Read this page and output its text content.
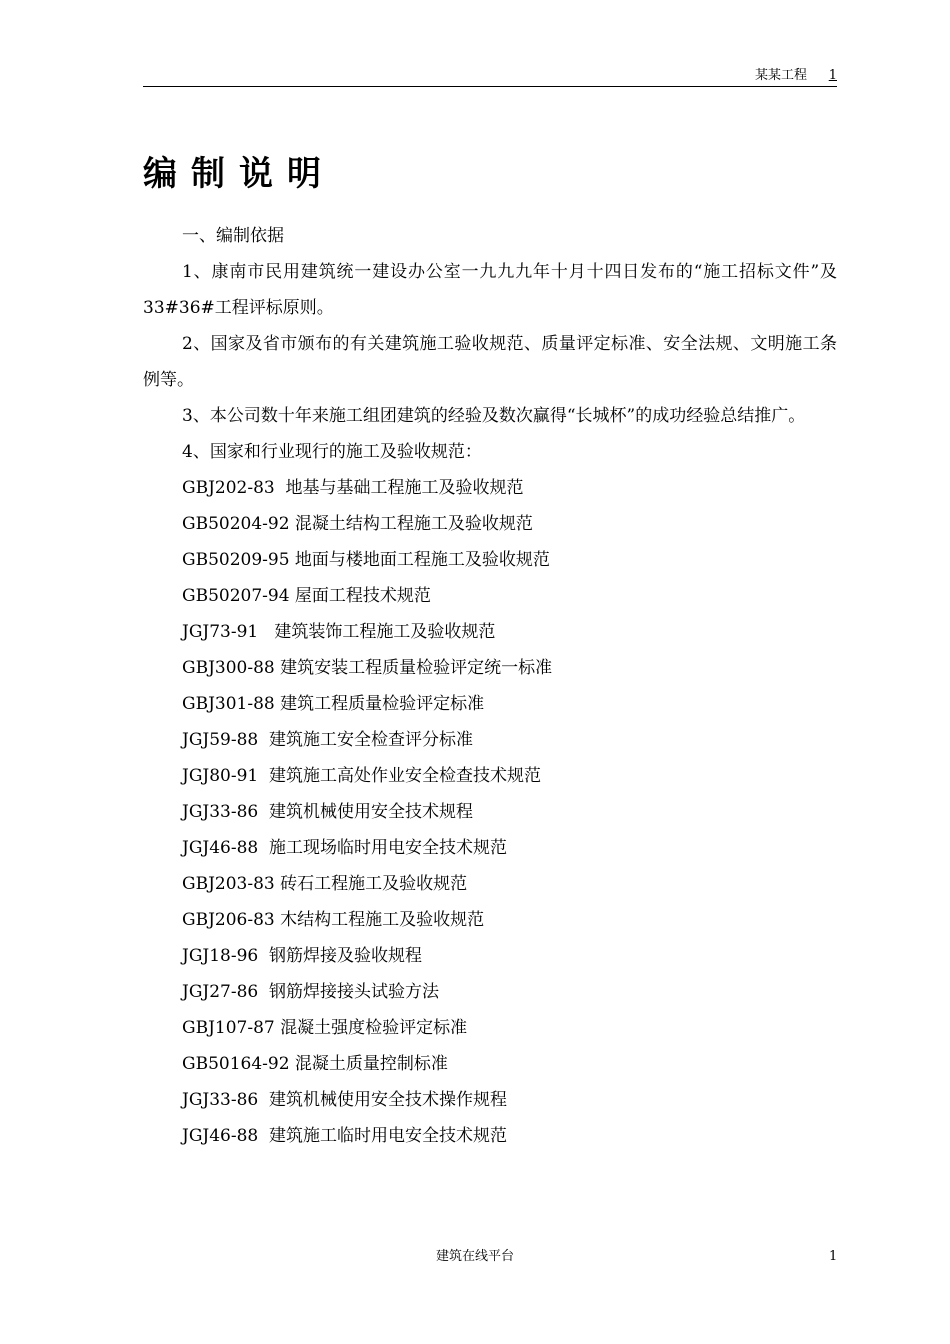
某某工程 1
编制说明

一、编制依据

1、康南市民用建筑统一建设办公室一九九九年十月十四日发布的“施工招标文件”及33#36#工程评标原则。

2、国家及省市颁布的有关建筑施工验收规范、质量评定标准、安全法规、文明施工条例等。

3、本公司数十年来施工组团建筑的经验及数次赢得“长城杯”的成功经验总结推广。

4、国家和行业现行的施工及验收规范：

GBJ202-83  地基与基础工程施工及验收规范

GB50204-92 混凝土结构工程施工及验收规范

GB50209-95 地面与楼地面工程施工及验收规范

GB50207-94 屋面工程技术规范

JGJ73-91   建筑装饰工程施工及验收规范

GBJ300-88 建筑安装工程质量检验评定统一标准

GBJ301-88 建筑工程质量检验评定标准

JGJ59-88  建筑施工安全检查评分标准

JGJ80-91  建筑施工高处作业安全检查技术规范

JGJ33-86  建筑机械使用安全技术规程

JGJ46-88  施工现场临时用电安全技术规范

GBJ203-83 砖石工程施工及验收规范

GBJ206-83 木结构工程施工及验收规范

JGJ18-96  钢筋焊接及验收规程

JGJ27-86  钢筋焊接接头试验方法

GBJ107-87 混凝土强度检验评定标准

GB50164-92 混凝土质量控制标准

JGJ33-86  建筑机械使用安全技术操作规程

JGJ46-88  建筑施工临时用电安全技术规范

建筑在线平台	1
